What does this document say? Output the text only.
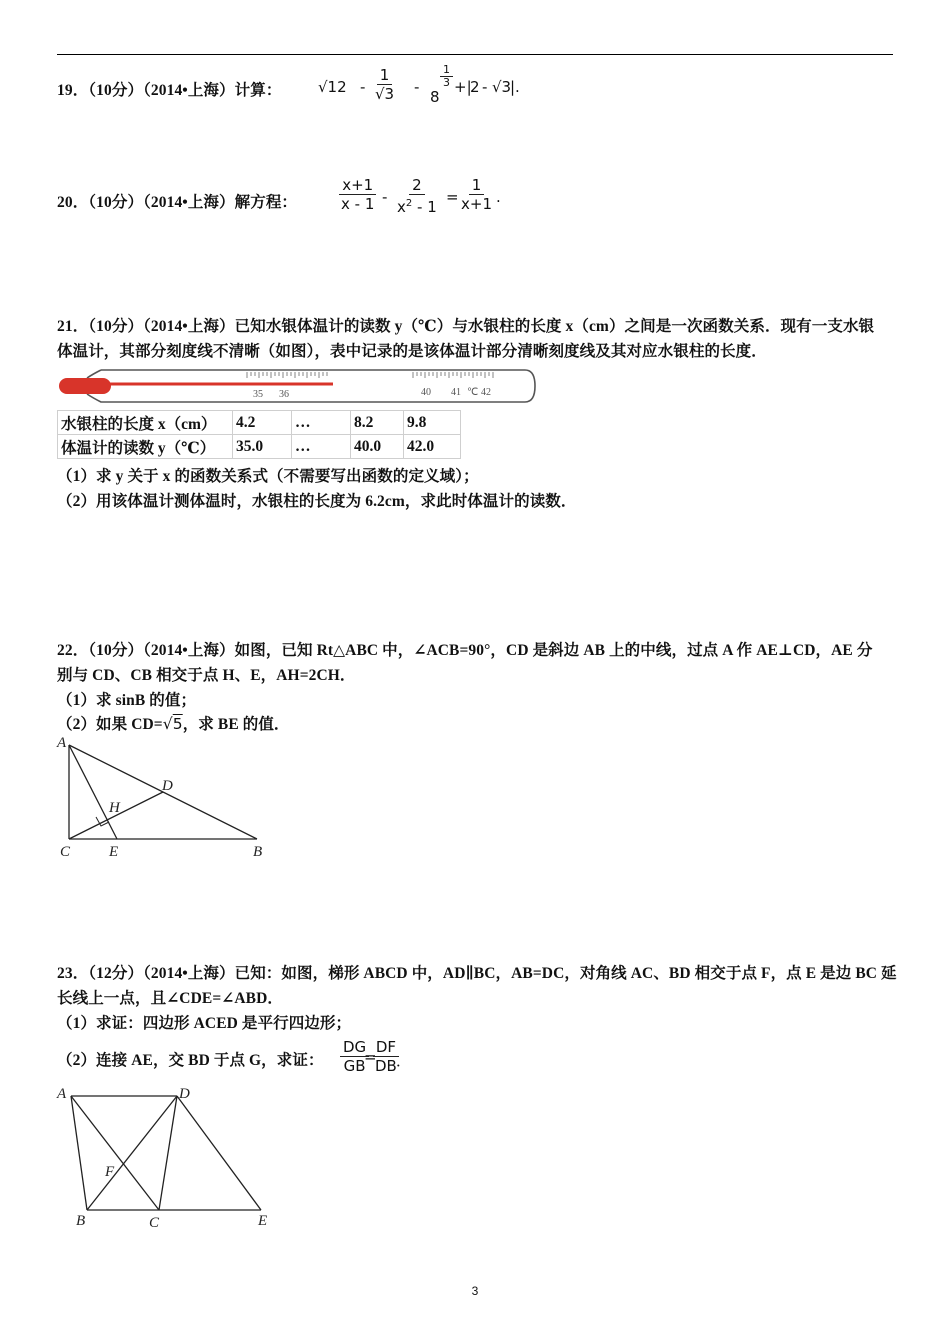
19．（10分）（2014•上海）计算： $√12 - \frac{1}{√3}$ -
8
$\frac{1}{3}$ +|
2 - √3
|.
20．（10分）（2014•上海）解方程：	$\frac{x+1}{x - 1} - \frac{2}{x^2 - 1} = \frac{1}{x+1}$ .
21．（10分）（2014•上海）已知水银体温计的读数 y（℃）与水银柱的长度 x（cm）之间是一次函数关系．现有一支水银
体温计，其部分刻度线不清晰（如图），表中记录的是该体温计部分清晰刻度线及其对应水银柱的长度．
35 36	40 41 ℃ 42
水银柱的长度 x（cm）	4.2	…	8.2	9.8
体温计的读数 y（℃）	35.0	…	40.0	42.0
（1）求 y 关于 x 的函数关系式（不需要写出函数的定义域）；
（2）用该体温计测体温时，水银柱的长度为 6.2cm，求此时体温计的读数．
22．（10分）（2014•上海）如图，已知 Rt△ABC 中，∠ACB=90°，CD 是斜边 AB 上的中线，过点 A 作 AE⊥CD，AE 分
别与 CD、CB 相交于点 H、E，AH=2CH．
（1）求 sinB 的值；
（2）如果 CD=√5，求 BE 的值．
A
D
H
C	E	B
23．（12分）（2014•上海）已知：如图，梯形 ABCD 中，AD∥BC，AB=DC，对角线 AC、BD 相交于点 F，点 E 是边 BC 延
长线上一点，且∠CDE=∠ABD．
（1）求证：四边形 ACED 是平行四边形；
（2）连接 AE，交 BD 于点 G，求证： $\frac{DG}{GB}$
=
$\frac{DF}{DB}$
．
A	D
F
B	C	E
3
